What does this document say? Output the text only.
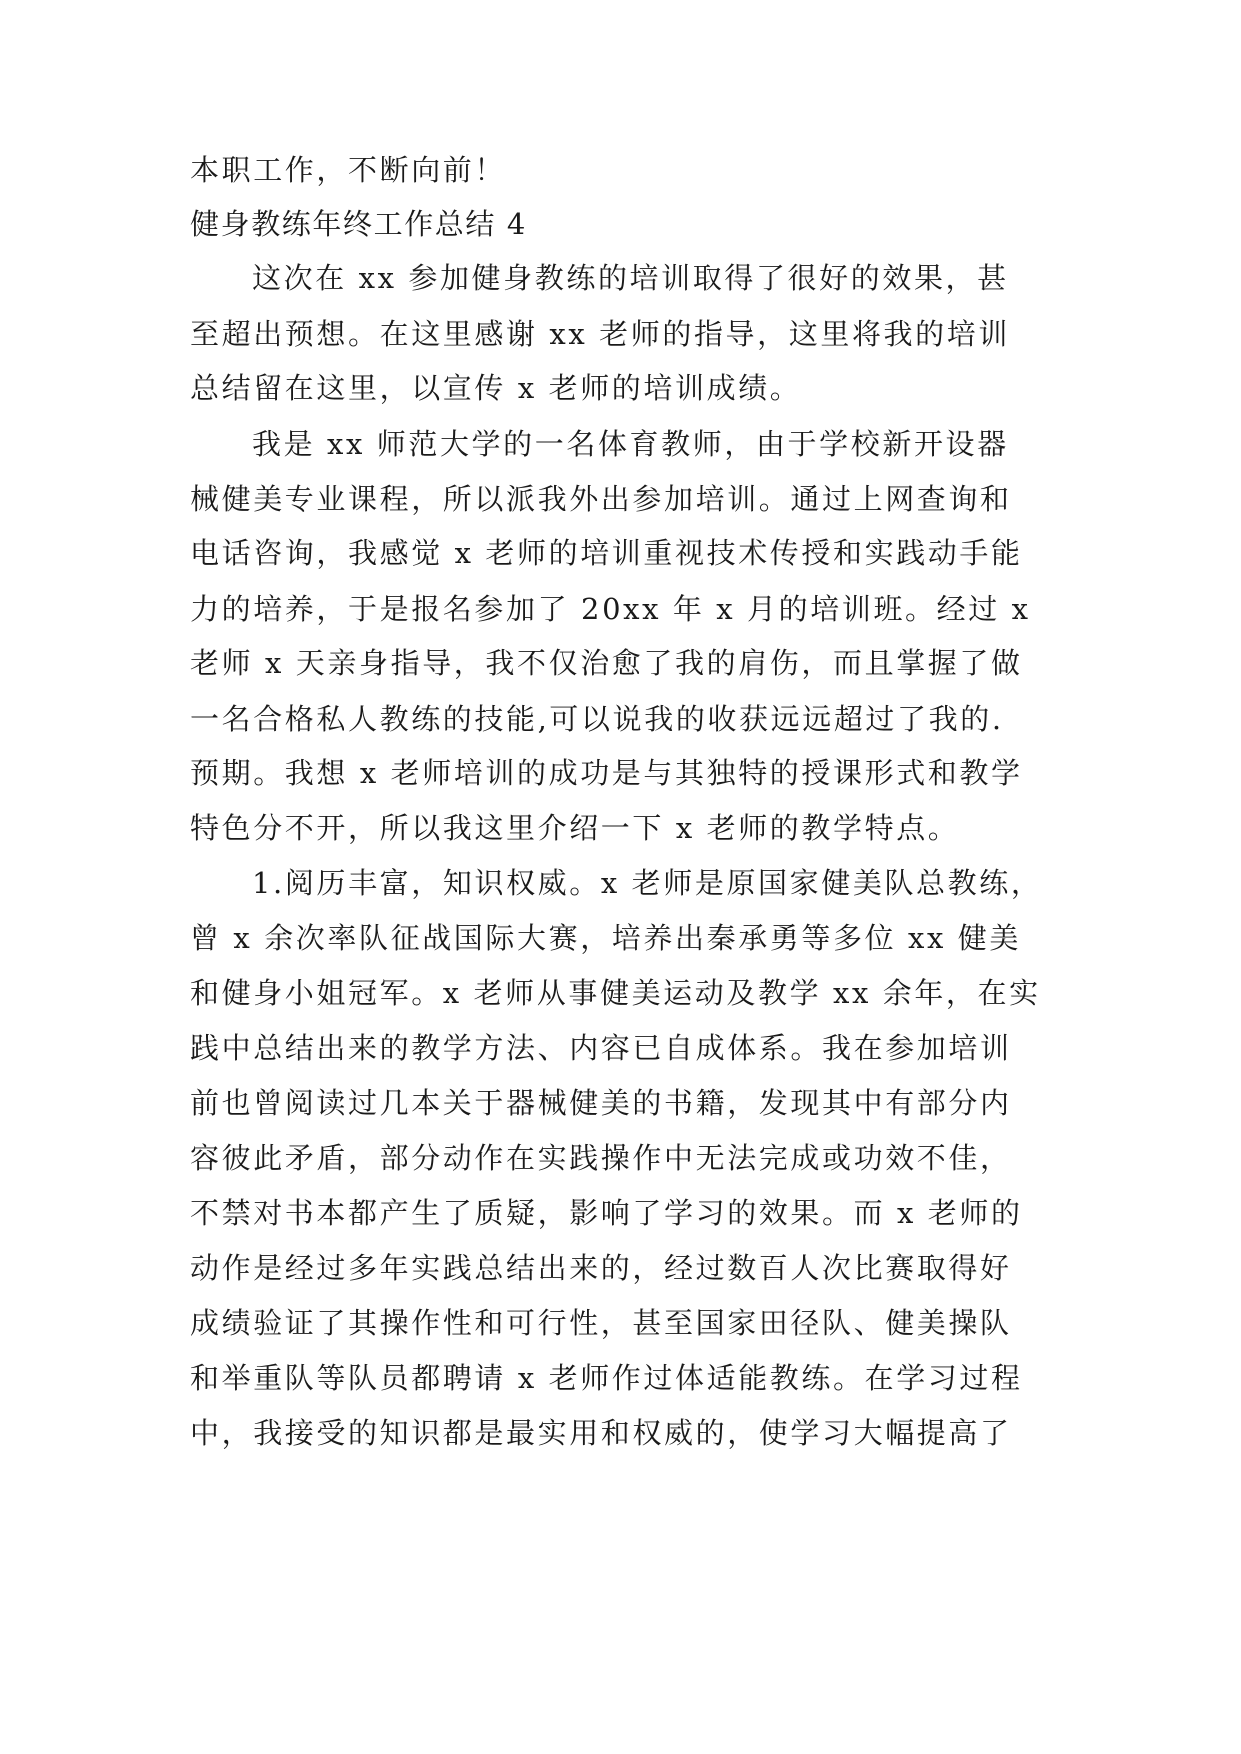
本职工作，不断向前！

健身教练年终工作总结 4

这次在 xx 参加健身教练的培训取得了很好的效果，甚

至超出预想。在这里感谢 xx 老师的指导，这里将我的培训

总结留在这里，以宣传 x 老师的培训成绩。

我是 xx 师范大学的一名体育教师，由于学校新开设器

械健美专业课程，所以派我外出参加培训。通过上网查询和

电话咨询，我感觉 x 老师的培训重视技术传授和实践动手能

力的培养，于是报名参加了 20xx 年 x 月的培训班。经过 x

老师 x 天亲身指导，我不仅治愈了我的肩伤，而且掌握了做

一名合格私人教练的技能,可以说我的收获远远超过了我的.

预期。我想 x 老师培训的成功是与其独特的授课形式和教学

特色分不开，所以我这里介绍一下 x 老师的教学特点。

1.阅历丰富，知识权威。x 老师是原国家健美队总教练，

曾 x 余次率队征战国际大赛，培养出秦承勇等多位 xx 健美

和健身小姐冠军。x 老师从事健美运动及教学 xx 余年，在实

践中总结出来的教学方法、内容已自成体系。我在参加培训

前也曾阅读过几本关于器械健美的书籍，发现其中有部分内

容彼此矛盾，部分动作在实践操作中无法完成或功效不佳，

不禁对书本都产生了质疑，影响了学习的效果。而 x 老师的

动作是经过多年实践总结出来的，经过数百人次比赛取得好

成绩验证了其操作性和可行性，甚至国家田径队、健美操队

和举重队等队员都聘请 x 老师作过体适能教练。在学习过程

中，我接受的知识都是最实用和权威的，使学习大幅提高了
